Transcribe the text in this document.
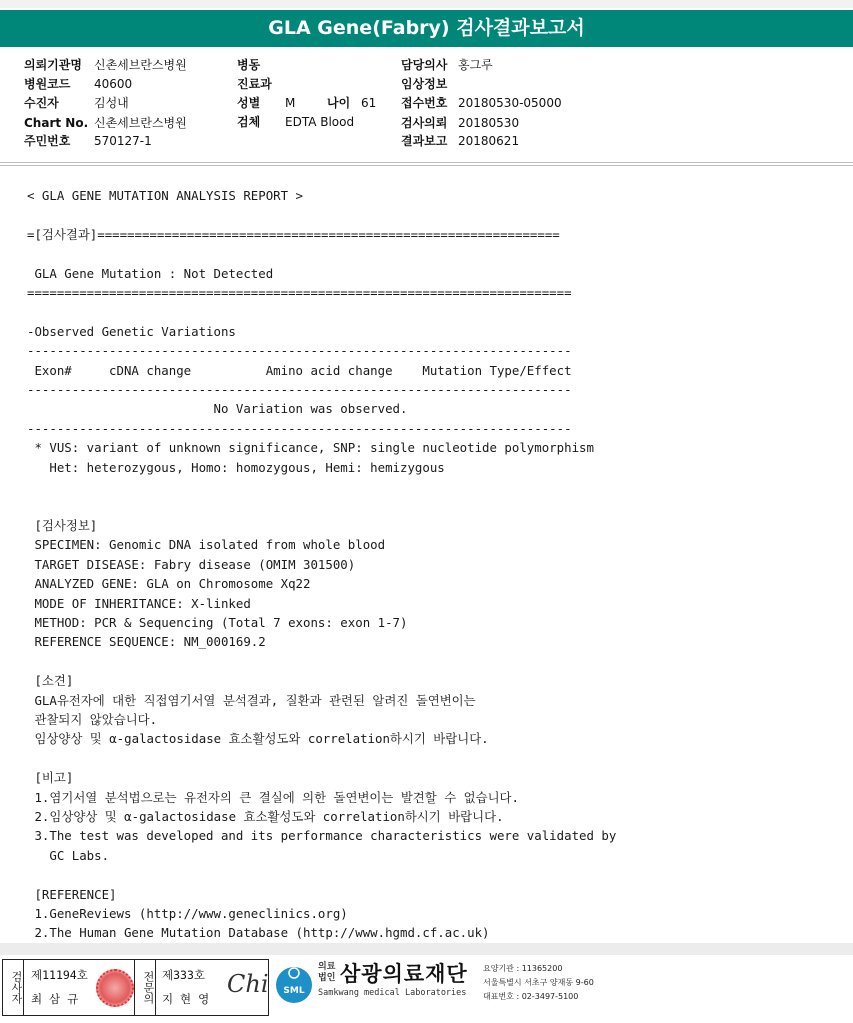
GLA Gene(Fabry) 검사결과보고서
의뢰기관명 신촌세브란스병원
병원코드 40600
수진자	김성내
Chart No. 신촌세브란스병원
주민번호 570127-1
병동
진료과
성별 M	나이 61
검체 EDTA Blood
담당의사 홍그루
임상정보
접수번호 20180530-05000
검사의뢰 20180530
결과보고 20180621
< GLA GENE MUTATION ANALYSIS REPORT >

=[검사결과]==============================================================

GLA Gene Mutation : Not Detected
=========================================================================

-Observed Genetic Variations
-------------------------------------------------------------------------
Exon#     cDNA change          Amino acid change    Mutation Type/Effect
-------------------------------------------------------------------------
No Variation was observed.
-------------------------------------------------------------------------
* VUS: variant of unknown significance, SNP: single nucleotide polymorphism
Het: heterozygous, Homo: homozygous, Hemi: hemizygous

[검사정보]
SPECIMEN: Genomic DNA isolated from whole blood
TARGET DISEASE: Fabry disease (OMIM 301500)
ANALYZED GENE: GLA on Chromosome Xq22
MODE OF INHERITANCE: X-linked
METHOD: PCR & Sequencing (Total 7 exons: exon 1-7)
REFERENCE SEQUENCE: NM_000169.2

[소견]
GLA유전자에 대한 직접염기서열 분석결과, 질환과 관련된 알려진 돌연변이는
관찰되지 않았습니다.
임상양상 및 α-galactosidase 효소활성도와 correlation하시기 바랍니다.

[비고]
1.염기서열 분석법으로는 유전자의 큰 결실에 의한 돌연변이는 발견할 수 없습니다.
2.임상양상 및 α-galactosidase 효소활성도와 correlation하시기 바랍니다.
3.The test was developed and its performance characteristics were validated by
GC Labs.

[REFERENCE]
1.GeneReviews (http://www.geneclinics.org)
2.The Human Gene Mutation Database (http://www.hgmd.cf.ac.uk)
검사자 제11194호
최 삼 규	전문의 제333호
지 현 영
Chi SML
의료
법인 삼광의료재단
Samkwang medical Laboratories
요양기관 : 11365200
서울특별시 서초구 양재동 9-60
대표번호 : 02-3497-5100
